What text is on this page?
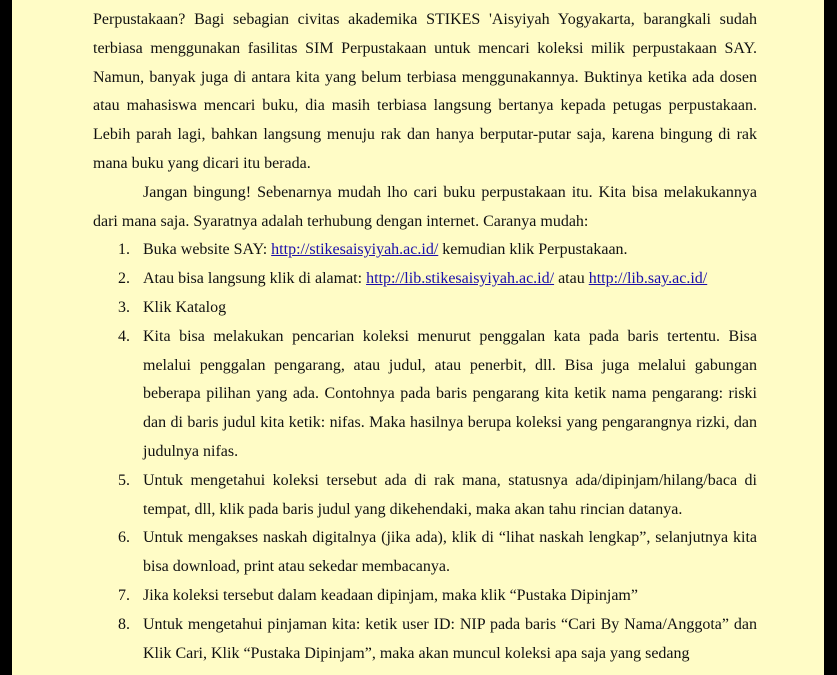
Perpustakaan? Bagi sebagian civitas akademika STIKES 'Aisyiyah Yogyakarta, barangkali sudah terbiasa menggunakan fasilitas SIM Perpustakaan untuk mencari koleksi milik perpustakaan SAY. Namun, banyak juga di antara kita yang belum terbiasa menggunakannya. Buktinya ketika ada dosen atau mahasiswa mencari buku, dia masih terbiasa langsung bertanya kepada petugas perpustakaan. Lebih parah lagi, bahkan langsung menuju rak dan hanya berputar-putar saja, karena bingung di rak mana buku yang dicari itu berada.

Jangan bingung! Sebenarnya mudah lho cari buku perpustakaan itu. Kita bisa melakukannya dari mana saja. Syaratnya adalah terhubung dengan internet. Caranya mudah:

1. Buka website SAY: http://stikesaisyiyah.ac.id/ kemudian klik Perpustakaan.
2. Atau bisa langsung klik di alamat: http://lib.stikesaisyiyah.ac.id/ atau http://lib.say.ac.id/
3. Klik Katalog
4. Kita bisa melakukan pencarian koleksi menurut penggalan kata pada baris tertentu. Bisa melalui penggalan pengarang, atau judul, atau penerbit, dll. Bisa juga melalui gabungan beberapa pilihan yang ada. Contohnya pada baris pengarang kita ketik nama pengarang: riski dan di baris judul kita ketik: nifas. Maka hasilnya berupa koleksi yang pengarangnya rizki, dan judulnya nifas.
5. Untuk mengetahui koleksi tersebut ada di rak mana, statusnya ada/dipinjam/hilang/baca di tempat, dll, klik pada baris judul yang dikehendaki, maka akan tahu rincian datanya.
6. Untuk mengakses naskah digitalnya (jika ada), klik di “lihat naskah lengkap”, selanjutnya kita bisa download, print atau sekedar membacanya.
7. Jika koleksi tersebut dalam keadaan dipinjam, maka klik “Pustaka Dipinjam”
8. Untuk mengetahui pinjaman kita: ketik user ID: NIP pada baris “Cari By Nama/Anggota” dan Klik Cari, Klik “Pustaka Dipinjam”, maka akan muncul koleksi apa saja yang sedang
